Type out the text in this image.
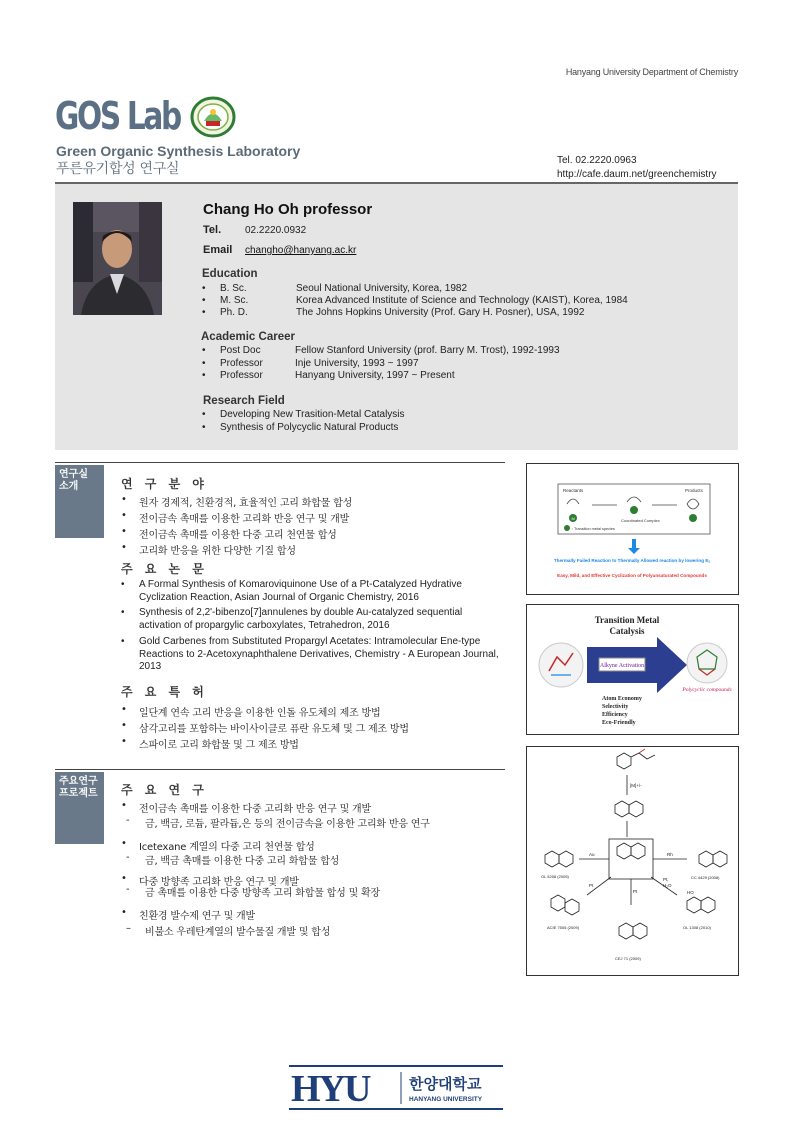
Hanyang University Department of Chemistry
GOS Lab
Green Organic Synthesis Laboratory
푸른유기합성 연구실
Tel. 02.2220.0963
http://cafe.daum.net/greenchemistry
Chang Ho Oh professor
Tel. 02.2220.0932
Email changho@hanyang.ac.kr
Education
• B. Sc.	Seoul National University, Korea, 1982
• M. Sc.	Korea Advanced Institute of Science and Technology (KAIST), Korea, 1984
• Ph. D.	The Johns Hopkins University (Prof. Gary H. Posner), USA, 1992
Academic Career
• Post Doc	Fellow Stanford University (prof. Barry M. Trost), 1992-1993
• Professor	Inje University, 1993 ~ 1997
• Professor	Hanyang University, 1997 ~ Present
Research Field
• Developing New Trasition-Metal Catalysis
• Synthesis of Polycyclic Natural Products
연구실
소개	연 구 분 야
• 원자 경제적, 친환경적, 효율적인 고리 화합물 합성
• 전이금속 촉매를 이용한 고리화 반응 연구 및 개발
• 전이금속 촉매를 이용한 다중 고리 천연물 합성
• 고리화 반응을 위한 다양한 기질 합성
주 요 논 문
•	A Formal Synthesis of Komaroviquinone Use of a Pt-Catalyzed Hydrative Cyclization Reaction, Asian Journal of Organic Chemistry, 2016
•	Synthesis of 2,2'-bibenzo[7]annulenes by double Au-catalyzed sequential activation of propargylic carboxylates, Tetrahedron, 2016
•	Gold Carbenes from Substituted Propargyl Acetates: Intramolecular Ene-type Reactions to 2-Acetoxynaphthalene Derivatives, Chemistry - A European Journal, 2013
주 요 특 허
• 일단계 연속 고리 반응을 이용한 인돌 유도체의 제조 방법
• 삼각고리를 포함하는 바이사이클로 퓨란 유도체 및 그 제조 방법
• 스파이로 고리 화합물 및 그 제조 방법
주요연구
프로젝트	주 요 연 구
• 전이금속 촉매를 이용한 다중 고리화 반응 연구 및 개발
- 금, 백금, 로듐, 팔라듐,은 등의 전이금속을 이용한 고리화 반응 연구
• Icetexane 계열의 다중 고리 천연물 합성
- 금, 백금 촉매를 이용한 다중 고리 화합물 합성
• 다중 방향족 고리화 반응 연구 및 개발
- 금 촉매를 이용한 다중 방향족 고리 화합물 합성 및 확장
• 친환경 발수제 연구 및 개발
– 비불소 우레탄계열의 발수물질 개발 및 합성
Reactants	Products
M	Coordinated Complex
: Transition metal species
Thermally Failed Reaction to Thermally Allowed reaction by lowering Eₐ
Easy, Mild, and Effective Cyclization of Polyunsaturated Compounds
Transition Metal
Catalysis
Alkyne Activation
Polycyclic compounds
Atom Economy
Selectivity
Efficiency
Eco-Friendly
[M]+/-
Au	Rh
Pt
Pt
Pt,
H₂O
HO
OL 5208 (2005)	CC 4429 (2008)
ACIE 7505 (2009)	OL 1308 (2010)
CEJ 71 (2009)
HYU	한양대학교
HANYANG UNIVERSITY
